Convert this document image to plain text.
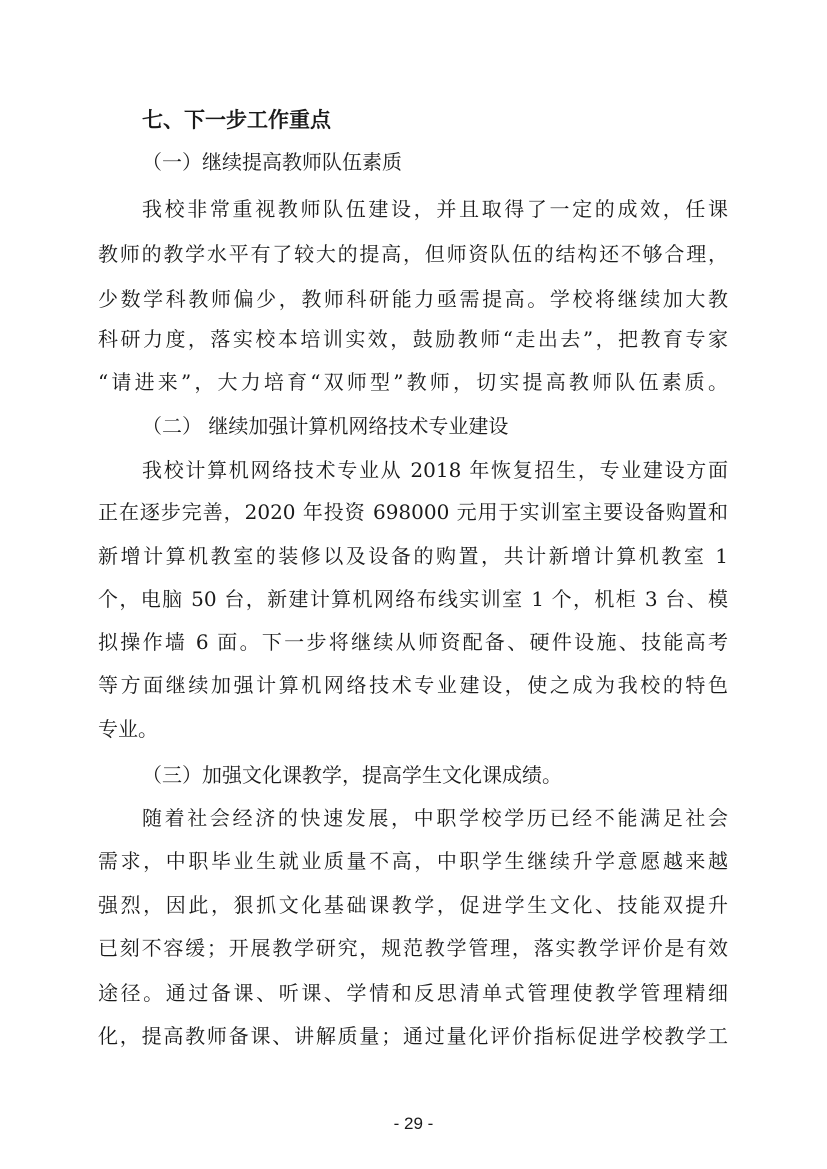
七、下一步工作重点
（一）继续提高教师队伍素质
我校非常重视教师队伍建设，并且取得了一定的成效，任课
教师的教学水平有了较大的提高，但师资队伍的结构还不够合理，
少数学科教师偏少，教师科研能力亟需提高。学校将继续加大教
科研力度，落实校本培训实效，鼓励教师“走出去”，把教育专家
“请进来”，大力培育“双师型”教师，切实提高教师队伍素质。
（二） 继续加强计算机网络技术专业建设
我校计算机网络技术专业从 2018 年恢复招生，专业建设方面
正在逐步完善，2020 年投资 698000 元用于实训室主要设备购置和
新增计算机教室的装修以及设备的购置，共计新增计算机教室 1
个，电脑 50 台，新建计算机网络布线实训室 1 个，机柜 3 台、模
拟操作墙 6 面。下一步将继续从师资配备、硬件设施、技能高考
等方面继续加强计算机网络技术专业建设，使之成为我校的特色
专业。
（三）加强文化课教学，提高学生文化课成绩。
随着社会经济的快速发展，中职学校学历已经不能满足社会
需求，中职毕业生就业质量不高，中职学生继续升学意愿越来越
强烈，因此，狠抓文化基础课教学，促进学生文化、技能双提升
已刻不容缓；开展教学研究，规范教学管理，落实教学评价是有效
途径。通过备课、听课、学情和反思清单式管理使教学管理精细
化，提高教师备课、讲解质量；通过量化评价指标促进学校教学工
- 29 -
